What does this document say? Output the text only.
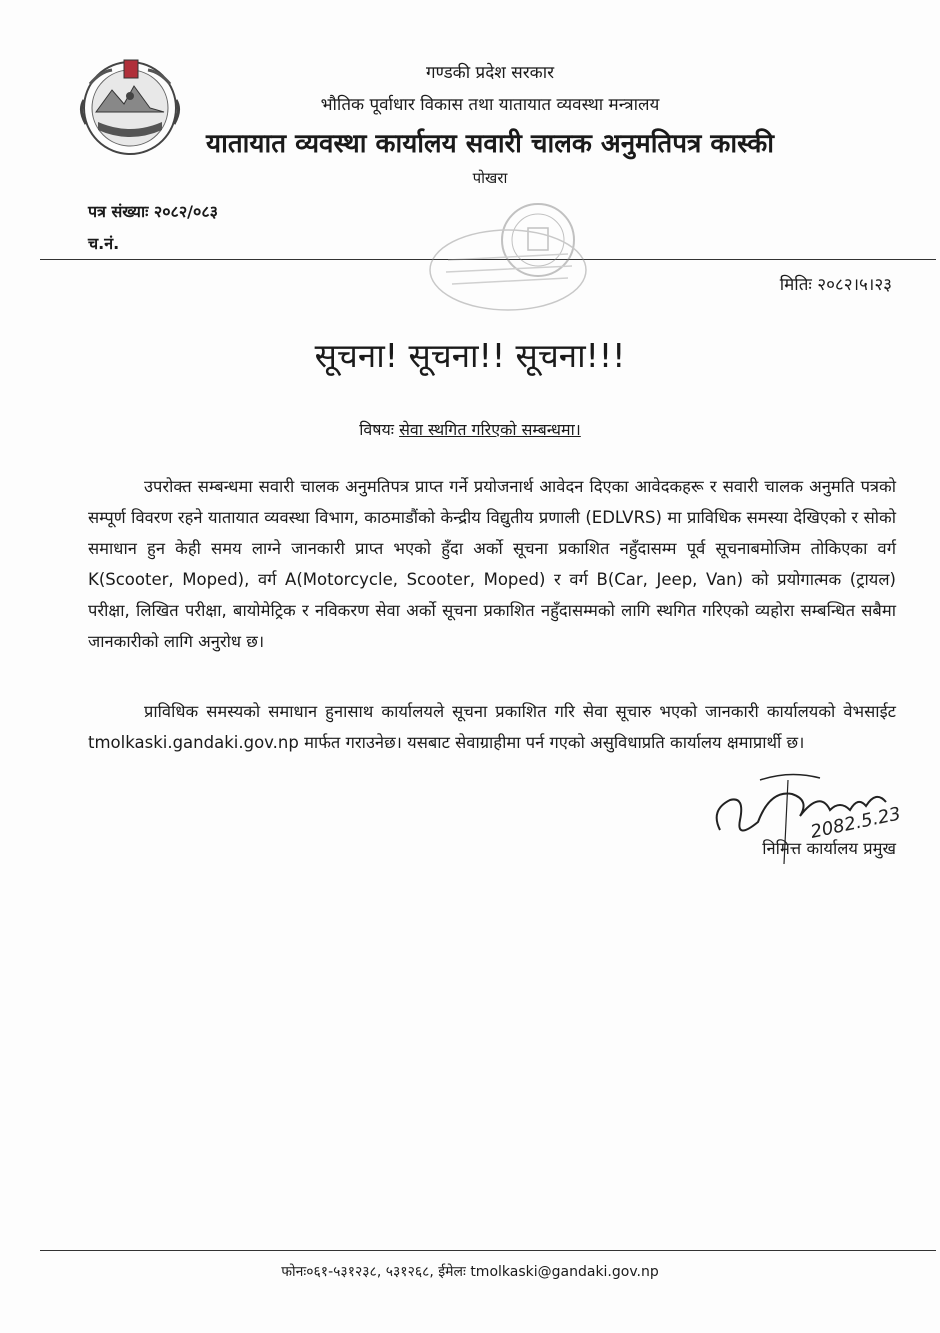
गण्डकी प्रदेश सरकार
भौतिक पूर्वाधार विकास तथा यातायात व्यवस्था मन्त्रालय
यातायात व्यवस्था कार्यालय सवारी चालक अनुमतिपत्र कास्की
पोखरा
पत्र संख्याः २०८२/०८३
च.नं.
मितिः २०८२।५।२३
सूचना! सूचना!! सूचना!!!
विषयः सेवा स्थगित गरिएको सम्बन्धमा।
उपरोक्त सम्बन्धमा सवारी चालक अनुमतिपत्र प्राप्त गर्ने प्रयोजनार्थ आवेदन दिएका आवेदकहरू र सवारी चालक अनुमति पत्रको सम्पूर्ण विवरण रहने यातायात व्यवस्था विभाग, काठमाडौंको केन्द्रीय विद्युतीय प्रणाली (EDLVRS) मा प्राविधिक समस्या देखिएको र सोको समाधान हुन केही समय लाग्ने जानकारी प्राप्त भएको हुँदा अर्को सूचना प्रकाशित नहुँदासम्म पूर्व सूचनाबमोजिम तोकिएका वर्ग K(Scooter, Moped), वर्ग A(Motorcycle, Scooter, Moped) र वर्ग B(Car, Jeep, Van) को प्रयोगात्मक (ट्रायल) परीक्षा, लिखित परीक्षा, बायोमेट्रिक र नविकरण सेवा अर्को सूचना प्रकाशित नहुँदासम्मको लागि स्थगित गरिएको व्यहोरा सम्बन्धित सबैमा जानकारीको लागि अनुरोध छ।
प्राविधिक समस्यको समाधान हुनासाथ कार्यालयले सूचना प्रकाशित गरि सेवा सूचारु भएको जानकारी कार्यालयको वेभसाईट tmolkaski.gandaki.gov.np मार्फत गराउनेछ। यसबाट सेवाग्राहीमा पर्न गएको असुविधाप्रति कार्यालय क्षमाप्रार्थी छ।
2082.5.23
निमित्त कार्यालय प्रमुख
फोनः०६१-५३१२३८, ५३१२६८, ईमेलः tmolkaski@gandaki.gov.np
